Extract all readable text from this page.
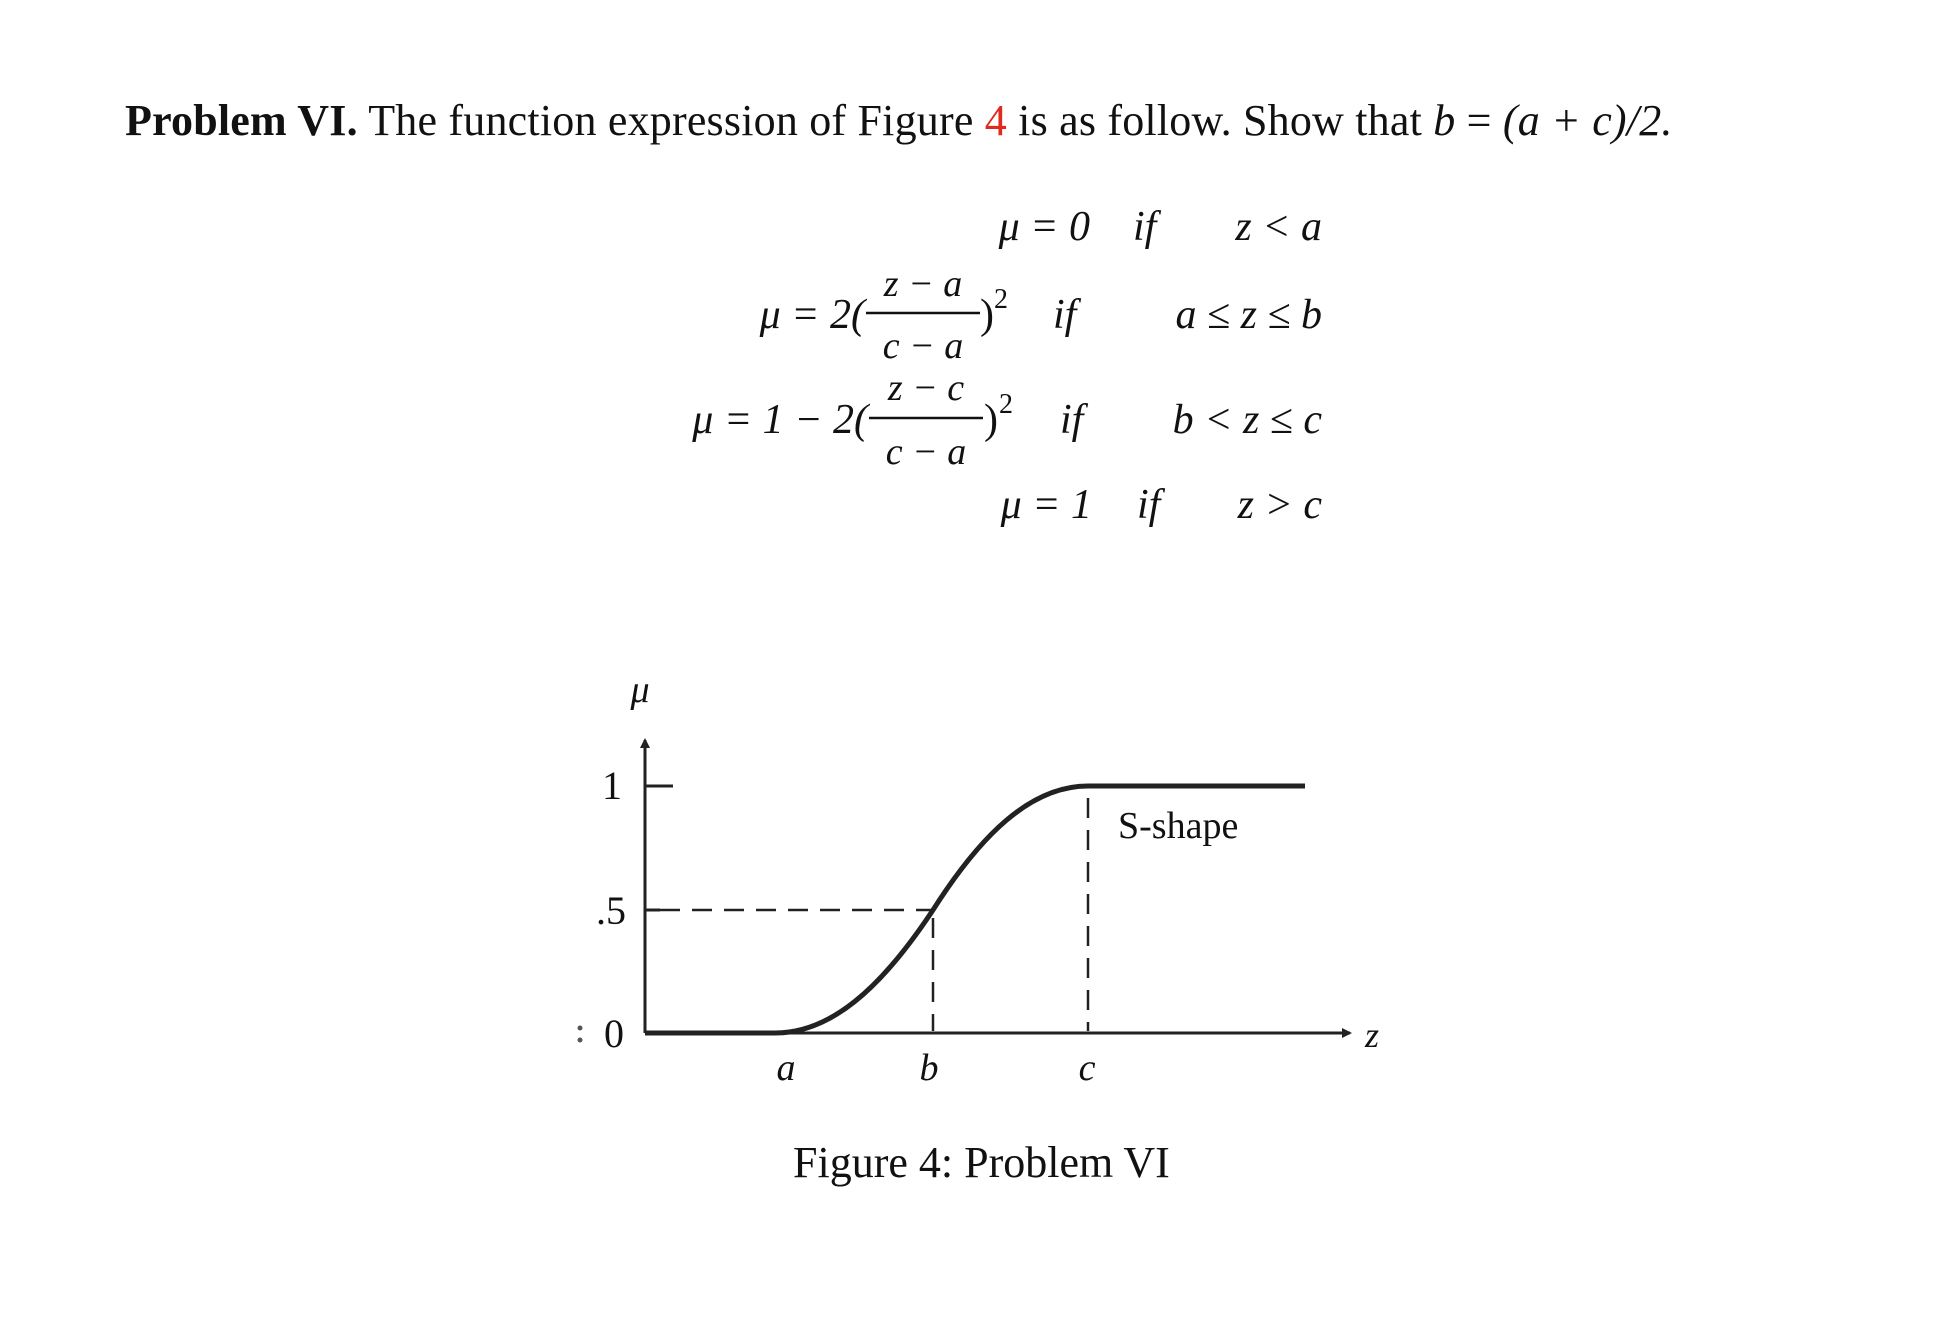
Problem VI. The function expression of Figure 4 is as follow. Show that b = (a + c)/2.
μ = 0 if z < a
μ = 2(
z − a
c − a
) 2 if a ≤ z ≤ b
μ = 1 − 2(
z − c
c − a
) 2 if b < z ≤ c
μ = 1 if z > c
μ
z
1
.5
0
S-shape
a	b	c
Figure 4: Problem VI
